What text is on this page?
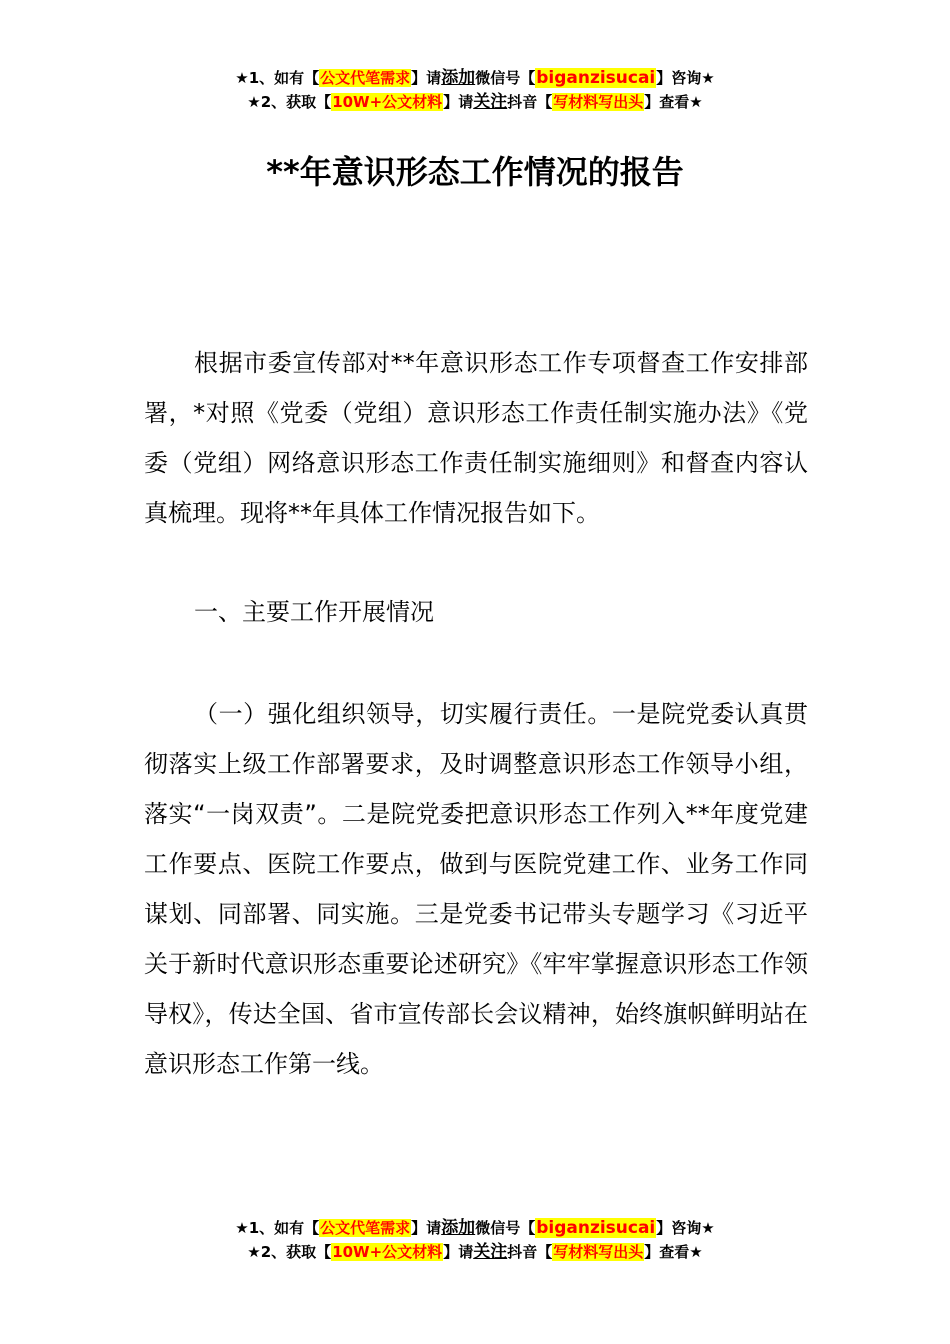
★1、如有【公文代笔需求】请添加微信号【biganzisucai】咨询★
★2、获取【10W+公文材料】请关注抖音【写材料写出头】查看★
**年意识形态工作情况的报告

根据市委宣传部对**年意识形态工作专项督查工作安排部署，*对照《党委（党组）意识形态工作责任制实施办法》《党委（党组）网络意识形态工作责任制实施细则》和督查内容认真梳理。现将**年具体工作情况报告如下。

一、主要工作开展情况

（一）强化组织领导，切实履行责任。一是院党委认真贯彻落实上级工作部署要求，及时调整意识形态工作领导小组，落实“一岗双责”。二是院党委把意识形态工作列入**年度党建工作要点、医院工作要点，做到与医院党建工作、业务工作同谋划、同部署、同实施。三是党委书记带头专题学习《习近平关于新时代意识形态重要论述研究》《牢牢掌握意识形态工作领导权》，传达全国、省市宣传部长会议精神，始终旗帜鲜明站在意识形态工作第一线。

★1、如有【公文代笔需求】请添加微信号【biganzisucai】咨询★
★2、获取【10W+公文材料】请关注抖音【写材料写出头】查看★
